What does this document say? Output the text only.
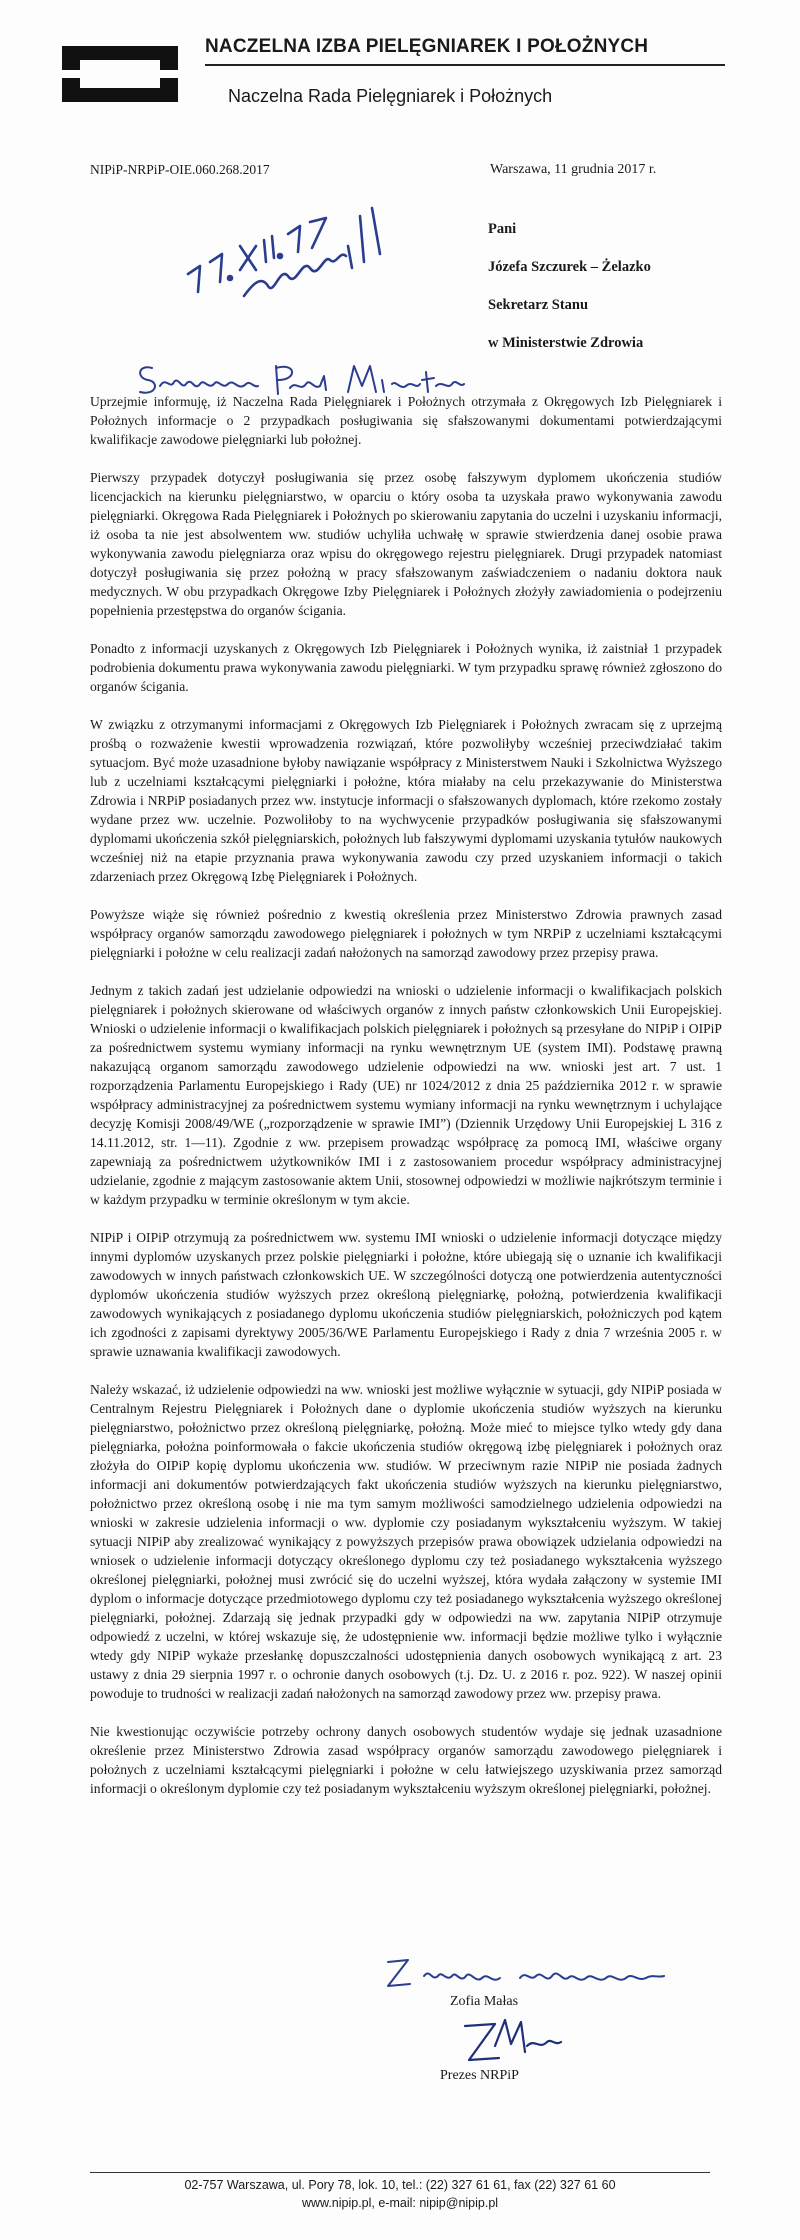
NACZELNA IZBA PIELĘGNIAREK I POŁOŻNYCH
Naczelna Rada Pielęgniarek i Położnych
NIPiP-NRPiP-OIE.060.268.2017	Warszawa, 11 grudnia 2017 r.
Pani
Józefa Szczurek – Żelazko
Sekretarz Stanu
w Ministerstwie Zdrowia

Uprzejmie informuję, iż Naczelna Rada Pielęgniarek i Położnych otrzymała z Okręgowych Izb Pielęgniarek i Położnych informacje o 2 przypadkach posługiwania się sfałszowanymi dokumentami potwierdzającymi kwalifikacje zawodowe pielęgniarki lub położnej.

Pierwszy przypadek dotyczył posługiwania się przez osobę fałszywym dyplomem ukończenia studiów licencjackich na kierunku pielęgniarstwo, w oparciu o który osoba ta uzyskała prawo wykonywania zawodu pielęgniarki. Okręgowa Rada Pielęgniarek i Położnych po skierowaniu zapytania do uczelni i uzyskaniu informacji, iż osoba ta nie jest absolwentem ww. studiów uchyliła uchwałę w sprawie stwierdzenia danej osobie prawa wykonywania zawodu pielęgniarza oraz wpisu do okręgowego rejestru pielęgniarek. Drugi przypadek natomiast dotyczył posługiwania się przez położną w pracy sfałszowanym zaświadczeniem o nadaniu doktora nauk medycznych. W obu przypadkach Okręgowe Izby Pielęgniarek i Położnych złożyły zawiadomienia o podejrzeniu popełnienia przestępstwa do organów ścigania.

Ponadto z informacji uzyskanych z Okręgowych Izb Pielęgniarek i Położnych wynika, iż zaistniał 1 przypadek podrobienia dokumentu prawa wykonywania zawodu pielęgniarki. W tym przypadku sprawę również zgłoszono do organów ścigania.

W związku z otrzymanymi informacjami z Okręgowych Izb Pielęgniarek i Położnych zwracam się z uprzejmą prośbą o rozważenie kwestii wprowadzenia rozwiązań, które pozwoliłyby wcześniej przeciwdziałać takim sytuacjom. Być może uzasadnione byłoby nawiązanie współpracy z Ministerstwem Nauki i Szkolnictwa Wyższego lub z uczelniami kształcącymi pielęgniarki i położne, która miałaby na celu przekazywanie do Ministerstwa Zdrowia i NRPiP posiadanych przez ww. instytucje informacji o sfałszowanych dyplomach, które rzekomo zostały wydane przez ww. uczelnie. Pozwoliłoby to na wychwycenie przypadków posługiwania się sfałszowanymi dyplomami ukończenia szkół pielęgniarskich, położnych lub fałszywymi dyplomami uzyskania tytułów naukowych wcześniej niż na etapie przyznania prawa wykonywania zawodu czy przed uzyskaniem informacji o takich zdarzeniach przez Okręgową Izbę Pielęgniarek i Położnych.

Powyższe wiąże się również pośrednio z kwestią określenia przez Ministerstwo Zdrowia prawnych zasad współpracy organów samorządu zawodowego pielęgniarek i położnych w tym NRPiP z uczelniami kształcącymi pielęgniarki i położne w celu realizacji zadań nałożonych na samorząd zawodowy przez przepisy prawa.

Jednym z takich zadań jest udzielanie odpowiedzi na wnioski o udzielenie informacji o kwalifikacjach polskich pielęgniarek i położnych skierowane od właściwych organów z innych państw członkowskich Unii Europejskiej. Wnioski o udzielenie informacji o kwalifikacjach polskich pielęgniarek i położnych są przesyłane do NIPiP i OIPiP za pośrednictwem systemu wymiany informacji na rynku wewnętrznym UE (system IMI). Podstawę prawną nakazującą organom samorządu zawodowego udzielenie odpowiedzi na ww. wnioski jest art. 7 ust. 1 rozporządzenia Parlamentu Europejskiego i Rady (UE) nr 1024/2012 z dnia 25 października 2012 r. w sprawie współpracy administracyjnej za pośrednictwem systemu wymiany informacji na rynku wewnętrznym i uchylające decyzję Komisji 2008/49/WE („rozporządzenie w sprawie IMI”) (Dziennik Urzędowy Unii Europejskiej L 316 z 14.11.2012, str. 1—11). Zgodnie z ww. przepisem prowadząc współpracę za pomocą IMI, właściwe organy zapewniają za pośrednictwem użytkowników IMI i z zastosowaniem procedur współpracy administracyjnej udzielanie, zgodnie z mającym zastosowanie aktem Unii, stosownej odpowiedzi w możliwie najkrótszym terminie i w każdym przypadku w terminie określonym w tym akcie.

NIPiP i OIPiP otrzymują za pośrednictwem ww. systemu IMI wnioski o udzielenie informacji dotyczące między innymi dyplomów uzyskanych przez polskie pielęgniarki i położne, które ubiegają się o uznanie ich kwalifikacji zawodowych w innych państwach członkowskich UE. W szczególności dotyczą one potwierdzenia autentyczności dyplomów ukończenia studiów wyższych przez określoną pielęgniarkę, położną, potwierdzenia kwalifikacji zawodowych wynikających z posiadanego dyplomu ukończenia studiów pielęgniarskich, położniczych pod kątem ich zgodności z zapisami dyrektywy 2005/36/WE Parlamentu Europejskiego i Rady z dnia 7 września 2005 r. w sprawie uznawania kwalifikacji zawodowych.

Należy wskazać, iż udzielenie odpowiedzi na ww. wnioski jest możliwe wyłącznie w sytuacji, gdy NIPiP posiada w Centralnym Rejestru Pielęgniarek i Położnych dane o dyplomie ukończenia studiów wyższych na kierunku pielęgniarstwo, położnictwo przez określoną pielęgniarkę, położną. Może mieć to miejsce tylko wtedy gdy dana pielęgniarka, położna poinformowała o fakcie ukończenia studiów okręgową izbę pielęgniarek i położnych oraz złożyła do OIPiP kopię dyplomu ukończenia ww. studiów. W przeciwnym razie NIPiP nie posiada żadnych informacji ani dokumentów potwierdzających fakt ukończenia studiów wyższych na kierunku pielęgniarstwo, położnictwo przez określoną osobę i nie ma tym samym możliwości samodzielnego udzielenia odpowiedzi na wnioski w zakresie udzielenia informacji o ww. dyplomie czy posiadanym wykształceniu wyższym. W takiej sytuacji NIPiP aby zrealizować wynikający z powyższych przepisów prawa obowiązek udzielania odpowiedzi na wniosek o udzielenie informacji dotyczący określonego dyplomu czy też posiadanego wykształcenia wyższego określonej pielęgniarki, położnej musi zwrócić się do uczelni wyższej, która wydała załączony w systemie IMI dyplom o informacje dotyczące przedmiotowego dyplomu czy też posiadanego wykształcenia wyższego określonej pielęgniarki, położnej. Zdarzają się jednak przypadki gdy w odpowiedzi na ww. zapytania NIPiP otrzymuje odpowiedź z uczelni, w której wskazuje się, że udostępnienie ww. informacji będzie możliwe tylko i wyłącznie wtedy gdy NIPiP wykaże przesłankę dopuszczalności udostępnienia danych osobowych wynikającą z art. 23 ustawy z dnia 29 sierpnia 1997 r. o ochronie danych osobowych (t.j. Dz. U. z 2016 r. poz. 922). W naszej opinii powoduje to trudności w realizacji zadań nałożonych na samorząd zawodowy przez ww. przepisy prawa.

Nie kwestionując oczywiście potrzeby ochrony danych osobowych studentów wydaje się jednak uzasadnione określenie przez Ministerstwo Zdrowia zasad współpracy organów samorządu zawodowego pielęgniarek i położnych z uczelniami kształcącymi pielęgniarki i położne w celu łatwiejszego uzyskiwania przez samorząd informacji o określonym dyplomie czy też posiadanym wykształceniu wyższym określonej pielęgniarki, położnej.

Zofia Małas
Prezes NRPiP
02-757 Warszawa, ul. Pory 78, lok. 10, tel.: (22) 327 61 61, fax (22) 327 61 60
www.nipip.pl, e-mail: nipip@nipip.pl
